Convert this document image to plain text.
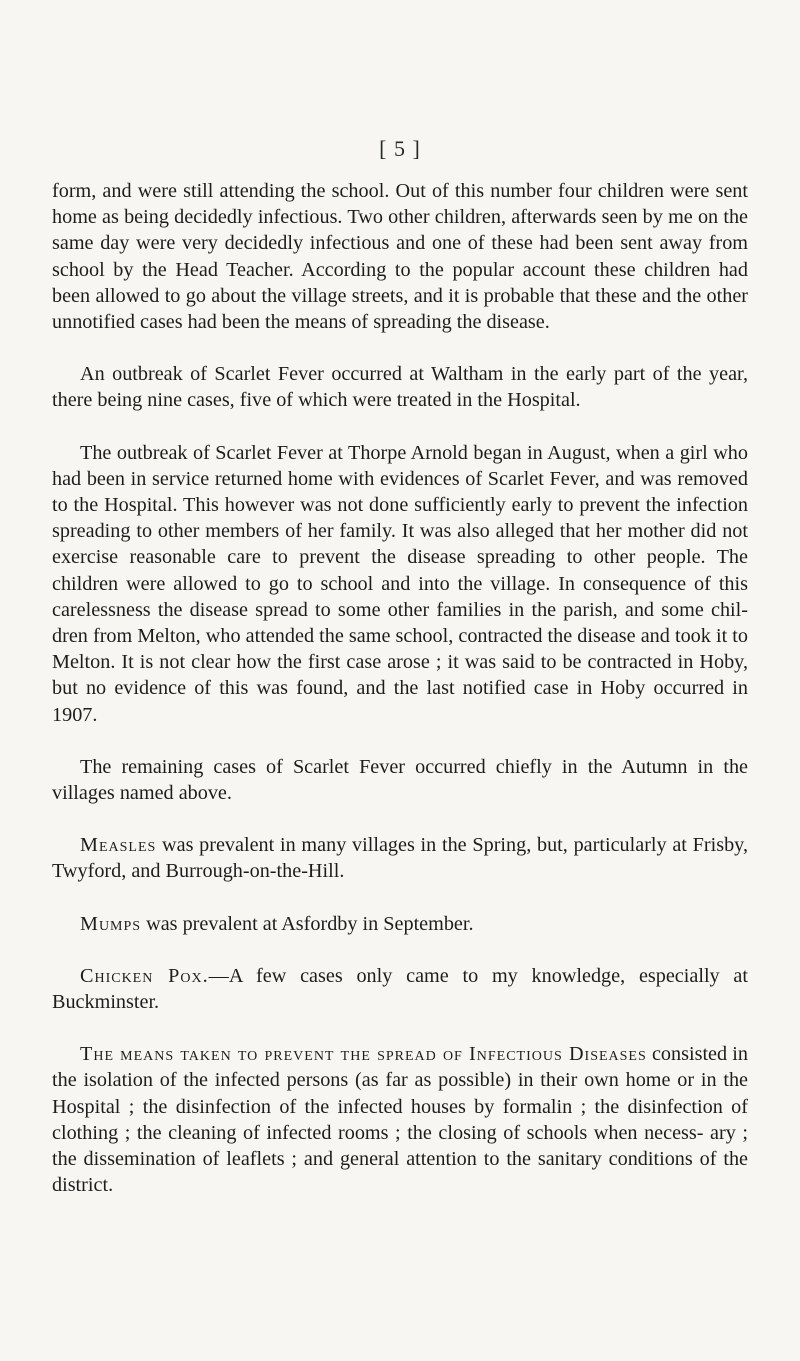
[ 5 ]

form, and were still attending the school. Out of this number four children were sent home as being decidedly infectious. Two other children, afterwards seen by me on the same day were very decidedly infectious and one of these had been sent away from school by the Head Teacher. According to the popular account these children had been allowed to go about the village streets, and it is probable that these and the other unnotified cases had been the means of spreading the disease.

An outbreak of Scarlet Fever occurred at Waltham in the early part of the year, there being nine cases, five of which were treated in the Hospital.

The outbreak of Scarlet Fever at Thorpe Arnold began in August, when a girl who had been in service returned home with evidences of Scarlet Fever, and was removed to the Hospital. This however was not done sufficiently early to prevent the infection spreading to other members of her family. It was also alleged that her mother did not exercise reasonable care to prevent the disease spreading to other people. The children were allowed to go to school and into the village. In consequence of this carelessness the disease spread to some other families in the parish, and some chil- dren from Melton, who attended the same school, contracted the disease and took it to Melton. It is not clear how the first case arose ; it was said to be contracted in Hoby, but no evidence of this was found, and the last notified case in Hoby occurred in 1907.

The remaining cases of Scarlet Fever occurred chiefly in the Autumn in the villages named above.

Measles was prevalent in many villages in the Spring, but, particularly at Frisby, Twyford, and Burrough-on-the-Hill.

Mumps was prevalent at Asfordby in September.

Chicken Pox.—A few cases only came to my knowledge, especially at Buckminster.

The means taken to prevent the spread of Infectious Diseases consisted in the isolation of the infected persons (as far as possible) in their own home or in the Hospital ; the disinfection of the infected houses by formalin ; the disinfection of clothing ; the cleaning of infected rooms ; the closing of schools when necess- ary ; the dissemination of leaflets ; and general attention to the sanitary conditions of the district.
